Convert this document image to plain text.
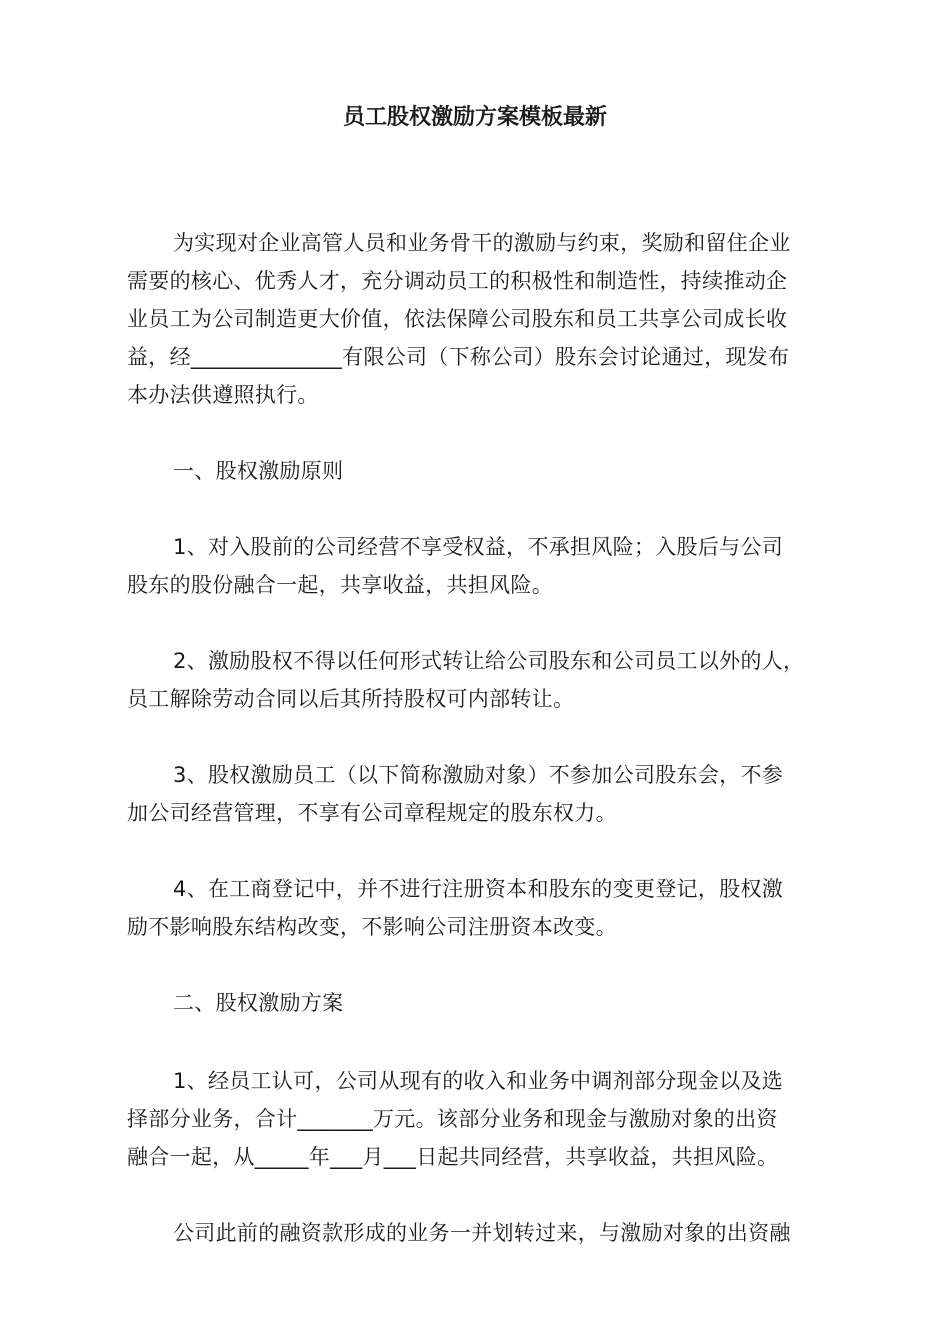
员工股权激励方案模板最新
为实现对企业高管人员和业务骨干的激励与约束，奖励和留住企业
需要的核心、优秀人才，充分调动员工的积极性和制造性，持续推动企
业员工为公司制造更大价值，依法保障公司股东和员工共享公司成长收
益，经______________有限公司（下称公司）股东会讨论通过，现发布
本办法供遵照执行。
一、股权激励原则
1、对入股前的公司经营不享受权益，不承担风险；入股后与公司
股东的股份融合一起，共享收益，共担风险。
2、激励股权不得以任何形式转让给公司股东和公司员工以外的人，
员工解除劳动合同以后其所持股权可内部转让。
3、股权激励员工（以下简称激励对象）不参加公司股东会，不参
加公司经营管理，不享有公司章程规定的股东权力。
4、在工商登记中，并不进行注册资本和股东的变更登记，股权激
励不影响股东结构改变，不影响公司注册资本改变。
二、股权激励方案
1、经员工认可，公司从现有的收入和业务中调剂部分现金以及选
择部分业务，合计_______万元。该部分业务和现金与激励对象的出资
融合一起，从_____年___月___日起共同经营，共享收益，共担风险。
公司此前的融资款形成的业务一并划转过来，与激励对象的出资融
